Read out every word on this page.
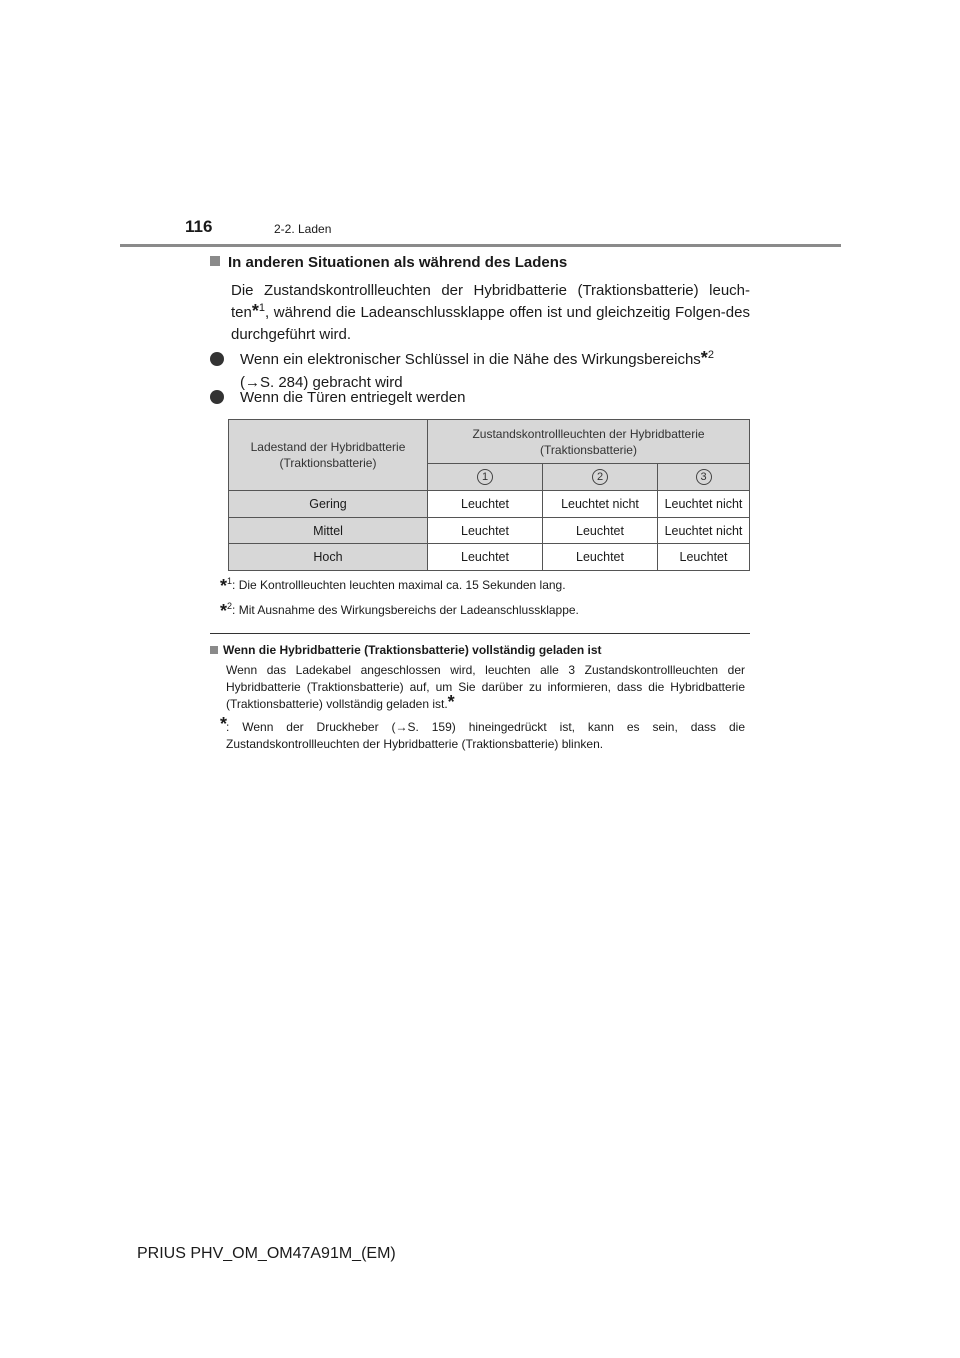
116	2-2. Laden
In anderen Situationen als während des Ladens
Die Zustandskontrollleuchten der Hybridbatterie (Traktionsbatterie) leuch-ten*$^1$, während die Ladeanschlussklappe offen ist und gleichzeitig Folgen-des durchgeführt wird.
Wenn ein elektronischer Schlüssel in die Nähe des Wirkungsbereichs*$^2$
(→S. 284) gebracht wird
Wenn die Türen entriegelt werden
Ladestand der Hybridbatterie (Traktionsbatterie)	Zustandskontrollleuchten der Hybridbatterie (Traktionsbatterie)		
	1	2	3
Gering	Leuchtet	Leuchtet nicht	Leuchtet nicht
Mittel	Leuchtet	Leuchtet	Leuchtet nicht
Hoch	Leuchtet	Leuchtet	Leuchtet
*$^1$: Die Kontrollleuchten leuchten maximal ca. 15 Sekunden lang.
*$^2$: Mit Ausnahme des Wirkungsbereichs der Ladeanschlussklappe.
Wenn die Hybridbatterie (Traktionsbatterie) vollständig geladen ist
Wenn das Ladekabel angeschlossen wird, leuchten alle 3 Zustandskontrollleuchten der Hybridbatterie (Traktionsbatterie) auf, um Sie darüber zu informieren, dass die Hybridbatterie (Traktionsbatterie) vollständig geladen ist.*
*
: Wenn der Druckheber (→S. 159) hineingedrückt ist, kann es sein, dass die Zustandskontrollleuchten der Hybridbatterie (Traktionsbatterie) blinken.
PRIUS PHV_OM_OM47A91M_(EM)
